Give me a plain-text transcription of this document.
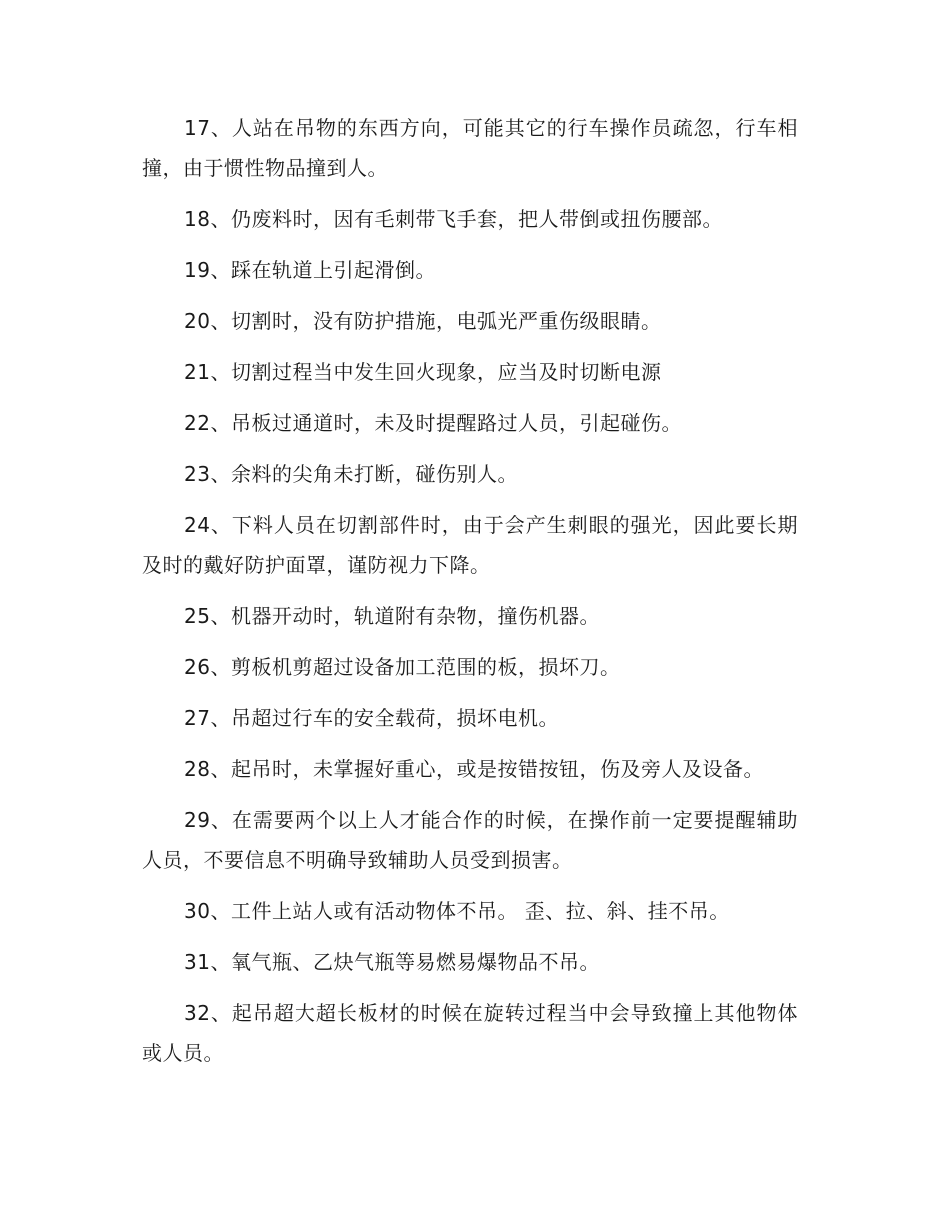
17、人站在吊物的东西方向，可能其它的行车操作员疏忽，行车相撞，由于惯性物品撞到人。

18、仍废料时，因有毛刺带飞手套，把人带倒或扭伤腰部。

19、踩在轨道上引起滑倒。

20、切割时，没有防护措施，电弧光严重伤级眼睛。

21、切割过程当中发生回火现象，应当及时切断电源

22、吊板过通道时，未及时提醒路过人员，引起碰伤。

23、余料的尖角未打断，碰伤别人。

24、下料人员在切割部件时，由于会产生刺眼的强光，因此要长期及时的戴好防护面罩，谨防视力下降。

25、机器开动时，轨道附有杂物，撞伤机器。

26、剪板机剪超过设备加工范围的板，损坏刀。

27、吊超过行车的安全载荷，损坏电机。

28、起吊时，未掌握好重心，或是按错按钮，伤及旁人及设备。

29、在需要两个以上人才能合作的时候，在操作前一定要提醒辅助人员，不要信息不明确导致辅助人员受到损害。

30、工件上站人或有活动物体不吊。 歪、拉、斜、挂不吊。

31、氧气瓶、乙炔气瓶等易燃易爆物品不吊。

32、起吊超大超长板材的时候在旋转过程当中会导致撞上其他物体或人员。
